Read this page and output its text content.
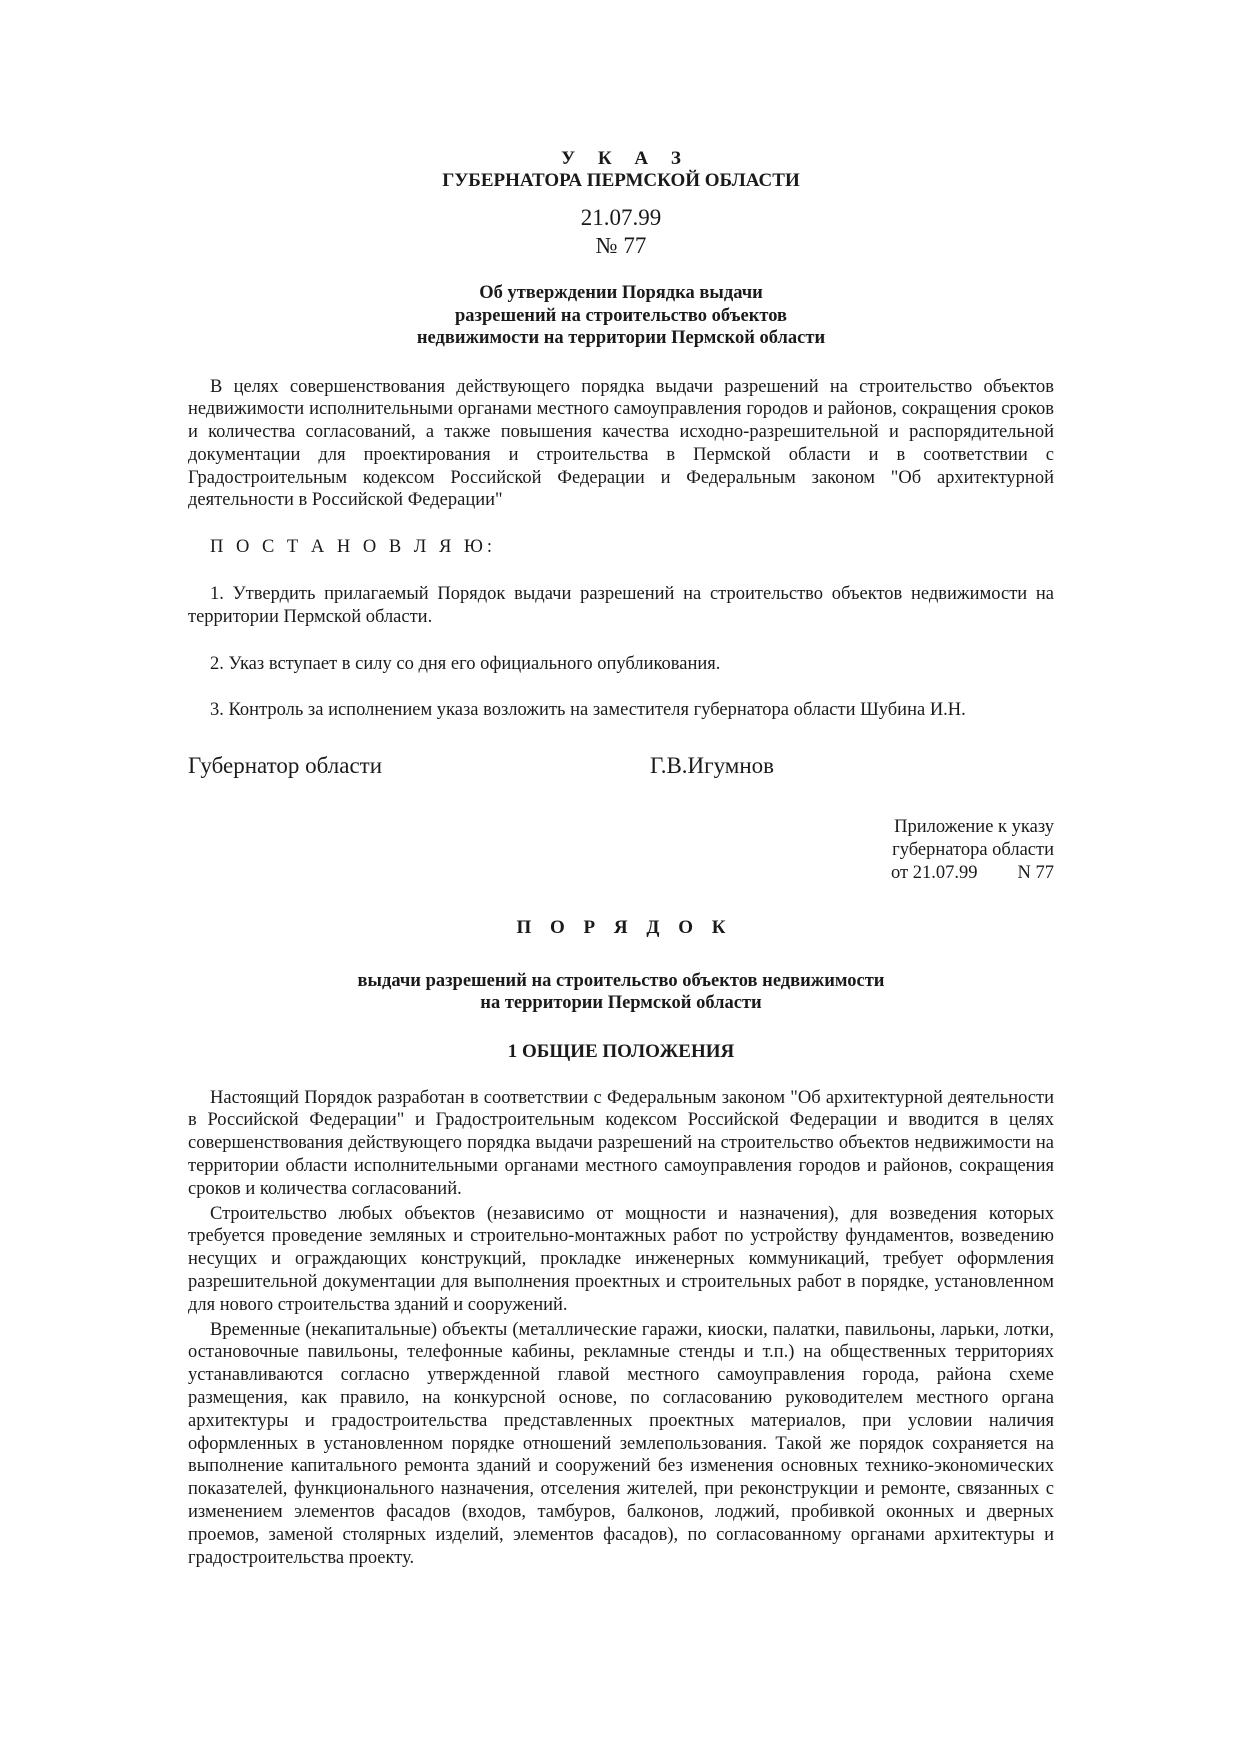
У К А З

ГУБЕРНАТОРА ПЕРМСКОЙ ОБЛАСТИ

21.07.99

№ 77

Об утверждении Порядка выдачи
разрешений на строительство объектов
недвижимости на территории Пермской области

В целях совершенствования действующего порядка выдачи разрешений на строительство объектов недвижимости исполнительными органами местного самоуправления городов и районов, сокращения сроков и количества согласований, а также повышения качества исходно-разрешительной и распорядительной документации для проектирования и строительства в Пермской области и в соответствии с Градостроительным кодексом Российской Федерации и Федеральным законом "Об архитектурной деятельности в Российской Федерации"

П О С Т А Н О В Л Я Ю:

1. Утвердить прилагаемый Порядок выдачи разрешений на строительство объектов недвижимости на территории Пермской области.

2. Указ вступает в силу со дня его официального опубликования.

3. Контроль за исполнением указа возложить на заместителя губернатора области Шубина И.Н.

Губернатор области	Г.В.Игумнов
Приложение к указу
губернатора области
от 21.07.99 N 77

П О Р Я Д О К

выдачи разрешений на строительство объектов недвижимости
на территории Пермской области

1 ОБЩИЕ ПОЛОЖЕНИЯ

Настоящий Порядок разработан в соответствии с Федеральным законом "Об архитектурной деятельности в Российской Федерации" и Градостроительным кодексом Российской Федерации и вводится в целях совершенствования действующего порядка выдачи разрешений на строительство объектов недвижимости на территории области исполнительными органами местного самоуправления городов и районов, сокращения сроков и количества согласований.

Строительство любых объектов (независимо от мощности и назначения), для возведения которых требуется проведение земляных и строительно-монтажных работ по устройству фундаментов, возведению несущих и ограждающих конструкций, прокладке инженерных коммуникаций, требует оформления разрешительной документации для выполнения проектных и строительных работ в порядке, установленном для нового строительства зданий и сооружений.

Временные (некапитальные) объекты (металлические гаражи, киоски, палатки, павильоны, ларьки, лотки, остановочные павильоны, телефонные кабины, рекламные стенды и т.п.) на общественных территориях устанавливаются согласно утвержденной главой местного самоуправления города, района схеме размещения, как правило, на конкурсной основе, по согласованию руководителем местного органа архитектуры и градостроительства представленных проектных материалов, при условии наличия оформленных в установленном порядке отношений землепользования. Такой же порядок сохраняется на выполнение капитального ремонта зданий и сооружений без изменения основных технико-экономических показателей, функционального назначения, отселения жителей, при реконструкции и ремонте, связанных с изменением элементов фасадов (входов, тамбуров, балконов, лоджий, пробивкой оконных и дверных проемов, заменой столярных изделий, элементов фасадов), по согласованному органами архитектуры и градостроительства проекту.
